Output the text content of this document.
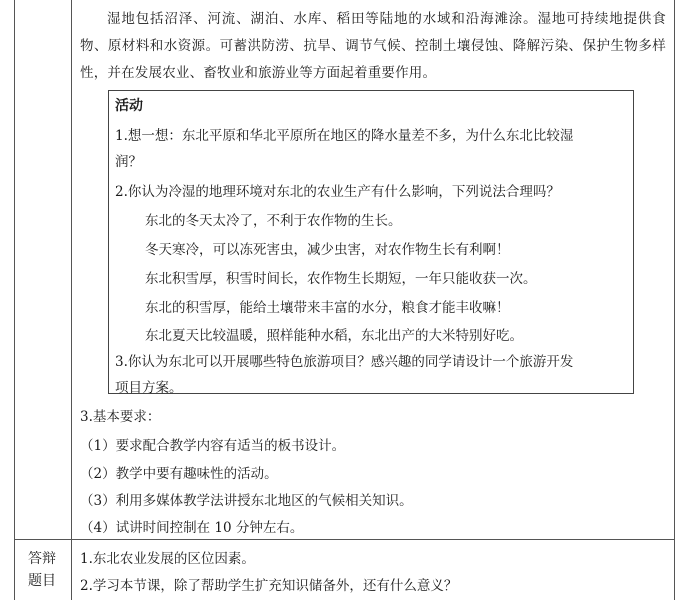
湿地包括沼泽、河流、湖泊、水库、稻田等陆地的水域和沿海滩涂。湿地可持续地提供食物、原材料和水资源。可蓄洪防涝、抗旱、调节气候、控制土壤侵蚀、降解污染、保护生物多样性，并在发展农业、畜牧业和旅游业等方面起着重要作用。

活动
1.想一想：东北平原和华北平原所在地区的降水量差不多，为什么东北比较湿
润？
2.你认为冷湿的地理环境对东北的农业生产有什么影响，下列说法合理吗？
东北的冬天太冷了，不利于农作物的生长。
冬天寒冷，可以冻死害虫，减少虫害，对农作物生长有利啊！
东北积雪厚，积雪时间长，农作物生长期短，一年只能收获一次。
东北的积雪厚，能给土壤带来丰富的水分，粮食才能丰收嘛！
东北夏天比较温暖，照样能种水稻，东北出产的大米特别好吃。
3.你认为东北可以开展哪些特色旅游项目？感兴趣的同学请设计一个旅游开发
项目方案。
3.基本要求：
（1）要求配合教学内容有适当的板书设计。
（2）教学中要有趣味性的活动。
（3）利用多媒体教学法讲授东北地区的气候相关知识。
（4）试讲时间控制在 10 分钟左右。
答辩
题目
1.东北农业发展的区位因素。
2.学习本节课，除了帮助学生扩充知识储备外，还有什么意义？
